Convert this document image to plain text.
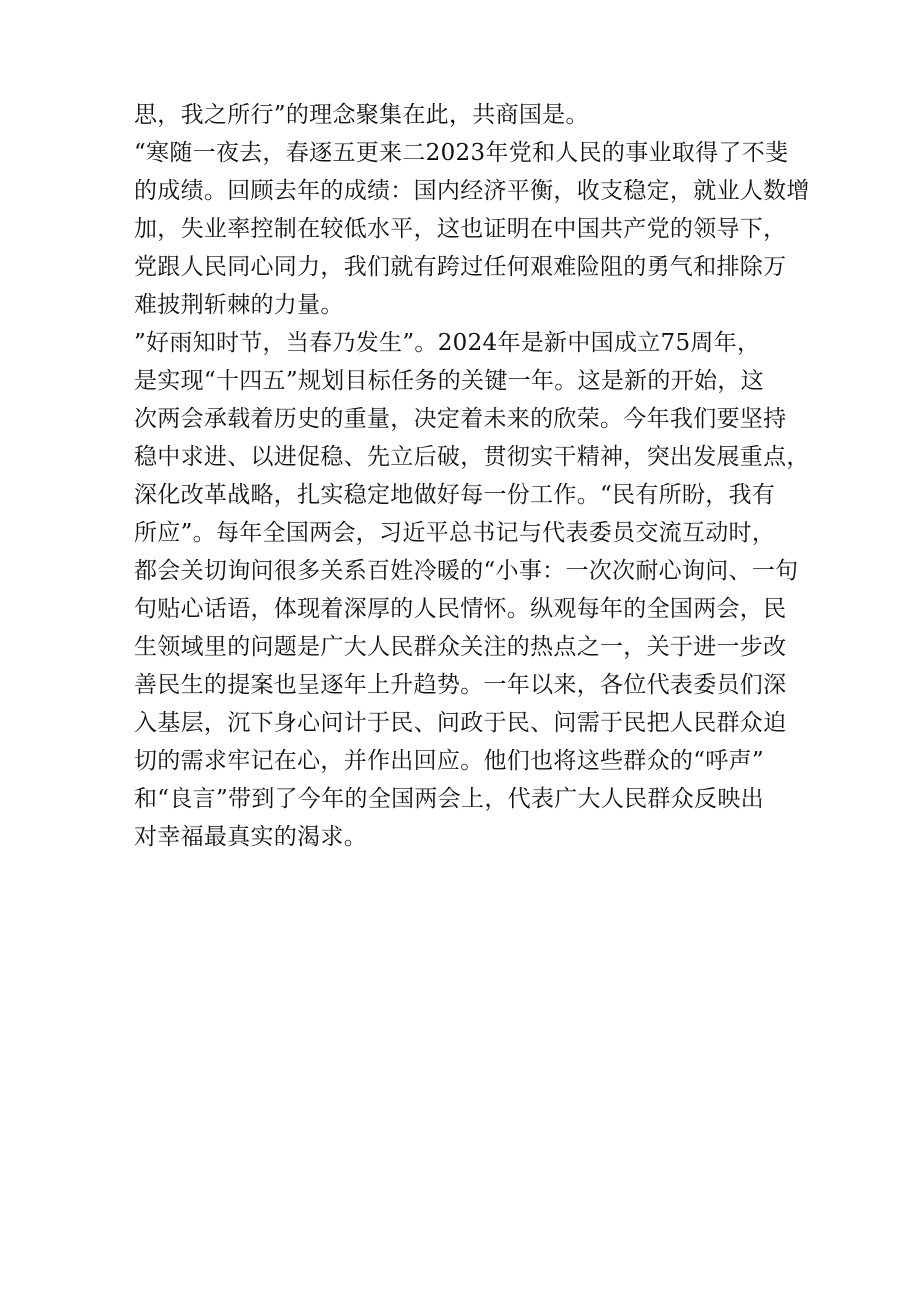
思，我之所行”的理念聚集在此，共商国是。
“寒随一夜去，春逐五更来二2023年党和人民的事业取得了不斐
的成绩。回顾去年的成绩：国内经济平衡，收支稳定，就业人数增
加，失业率控制在较低水平，这也证明在中国共产党的领导下，
党跟人民同心同力，我们就有跨过任何艰难险阻的勇气和排除万
难披荆斩棘的力量。
”好雨知时节，当春乃发生”。2024年是新中国成立75周年，
是实现“十四五”规划目标任务的关键一年。这是新的开始，这
次两会承载着历史的重量，决定着未来的欣荣。今年我们要坚持
稳中求进、以进促稳、先立后破，贯彻实干精神，突出发展重点，
深化改革战略，扎实稳定地做好每一份工作。“民有所盼，我有
所应”。每年全国两会，习近平总书记与代表委员交流互动时，
都会关切询问很多关系百姓冷暖的“小事：一次次耐心询问、一句
句贴心话语，体现着深厚的人民情怀。纵观每年的全国两会，民
生领域里的问题是广大人民群众关注的热点之一，关于进一步改
善民生的提案也呈逐年上升趋势。一年以来，各位代表委员们深
入基层，沉下身心问计于民、问政于民、问需于民把人民群众迫
切的需求牢记在心，并作出回应。他们也将这些群众的“呼声”
和“良言”带到了今年的全国两会上，代表广大人民群众反映出
对幸福最真实的渴求。
